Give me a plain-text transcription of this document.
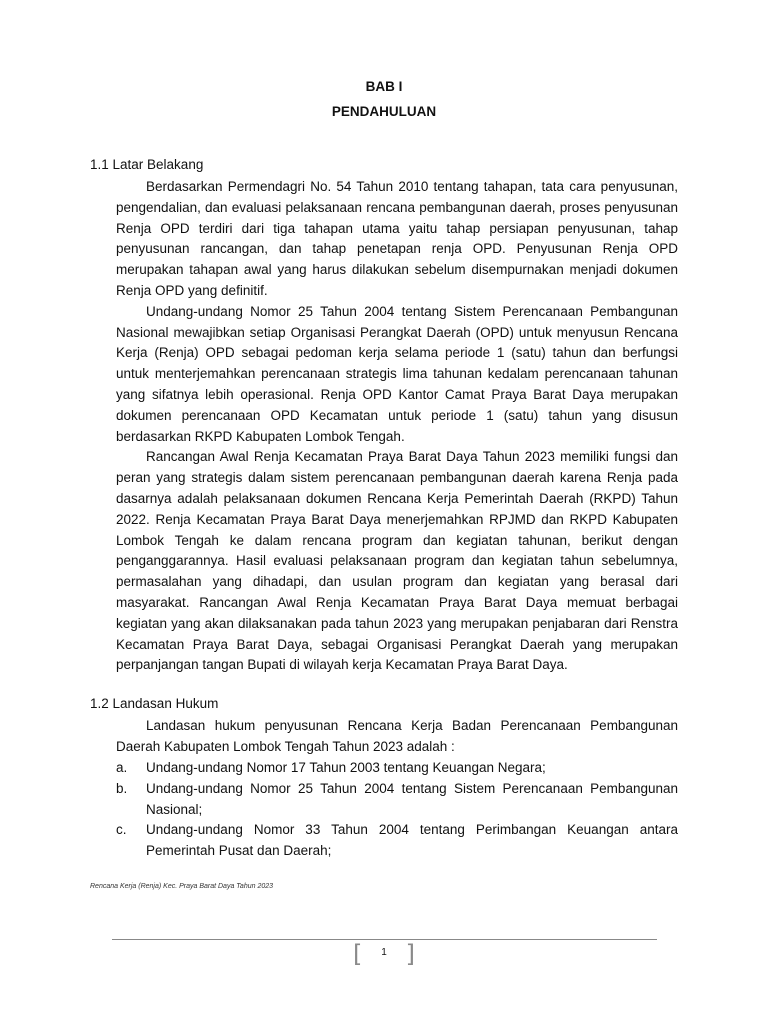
BAB I
PENDAHULUAN
1.1 Latar Belakang

Berdasarkan Permendagri No. 54 Tahun 2010 tentang tahapan, tata cara penyusunan, pengendalian, dan evaluasi pelaksanaan rencana pembangunan daerah, proses penyusunan Renja OPD terdiri dari tiga tahapan utama yaitu tahap persiapan penyusunan, tahap penyusunan rancangan, dan tahap penetapan renja OPD. Penyusunan Renja OPD merupakan tahapan awal yang harus dilakukan sebelum disempurnakan menjadi dokumen Renja OPD yang definitif.

Undang-undang Nomor 25 Tahun 2004 tentang Sistem Perencanaan Pembangunan Nasional mewajibkan setiap Organisasi Perangkat Daerah (OPD) untuk menyusun Rencana Kerja (Renja) OPD sebagai pedoman kerja selama periode 1 (satu) tahun dan berfungsi untuk menterjemahkan perencanaan strategis lima tahunan kedalam perencanaan tahunan yang sifatnya lebih operasional. Renja OPD Kantor Camat Praya Barat Daya merupakan dokumen perencanaan OPD Kecamatan untuk periode 1 (satu) tahun yang disusun berdasarkan RKPD Kabupaten Lombok Tengah.

Rancangan Awal Renja Kecamatan Praya Barat Daya Tahun 2023 memiliki fungsi dan peran yang strategis dalam sistem perencanaan pembangunan daerah karena Renja pada dasarnya adalah pelaksanaan dokumen Rencana Kerja Pemerintah Daerah (RKPD) Tahun 2022. Renja Kecamatan Praya Barat Daya menerjemahkan RPJMD dan RKPD Kabupaten Lombok Tengah ke dalam rencana program dan kegiatan tahunan, berikut dengan penganggarannya. Hasil evaluasi pelaksanaan program dan kegiatan tahun sebelumnya, permasalahan yang dihadapi, dan usulan program dan kegiatan yang berasal dari masyarakat. Rancangan Awal Renja Kecamatan Praya Barat Daya memuat berbagai kegiatan yang akan dilaksanakan pada tahun 2023 yang merupakan penjabaran dari Renstra Kecamatan Praya Barat Daya, sebagai Organisasi Perangkat Daerah yang merupakan perpanjangan tangan Bupati di wilayah kerja Kecamatan Praya Barat Daya.

1.2 Landasan Hukum

Landasan hukum penyusunan Rencana Kerja Badan Perencanaan Pembangunan Daerah Kabupaten Lombok Tengah Tahun 2023 adalah :

a.	Undang-undang Nomor 17 Tahun 2003 tentang Keuangan Negara;
b.	Undang-undang Nomor 25 Tahun 2004 tentang Sistem Perencanaan Pembangunan Nasional;
c.	Undang-undang Nomor 33 Tahun 2004 tentang Perimbangan Keuangan antara Pemerintah Pusat dan Daerah;
Rencana Kerja (Renja) Kec. Praya Barat Daya Tahun 2023
[	1 ]
